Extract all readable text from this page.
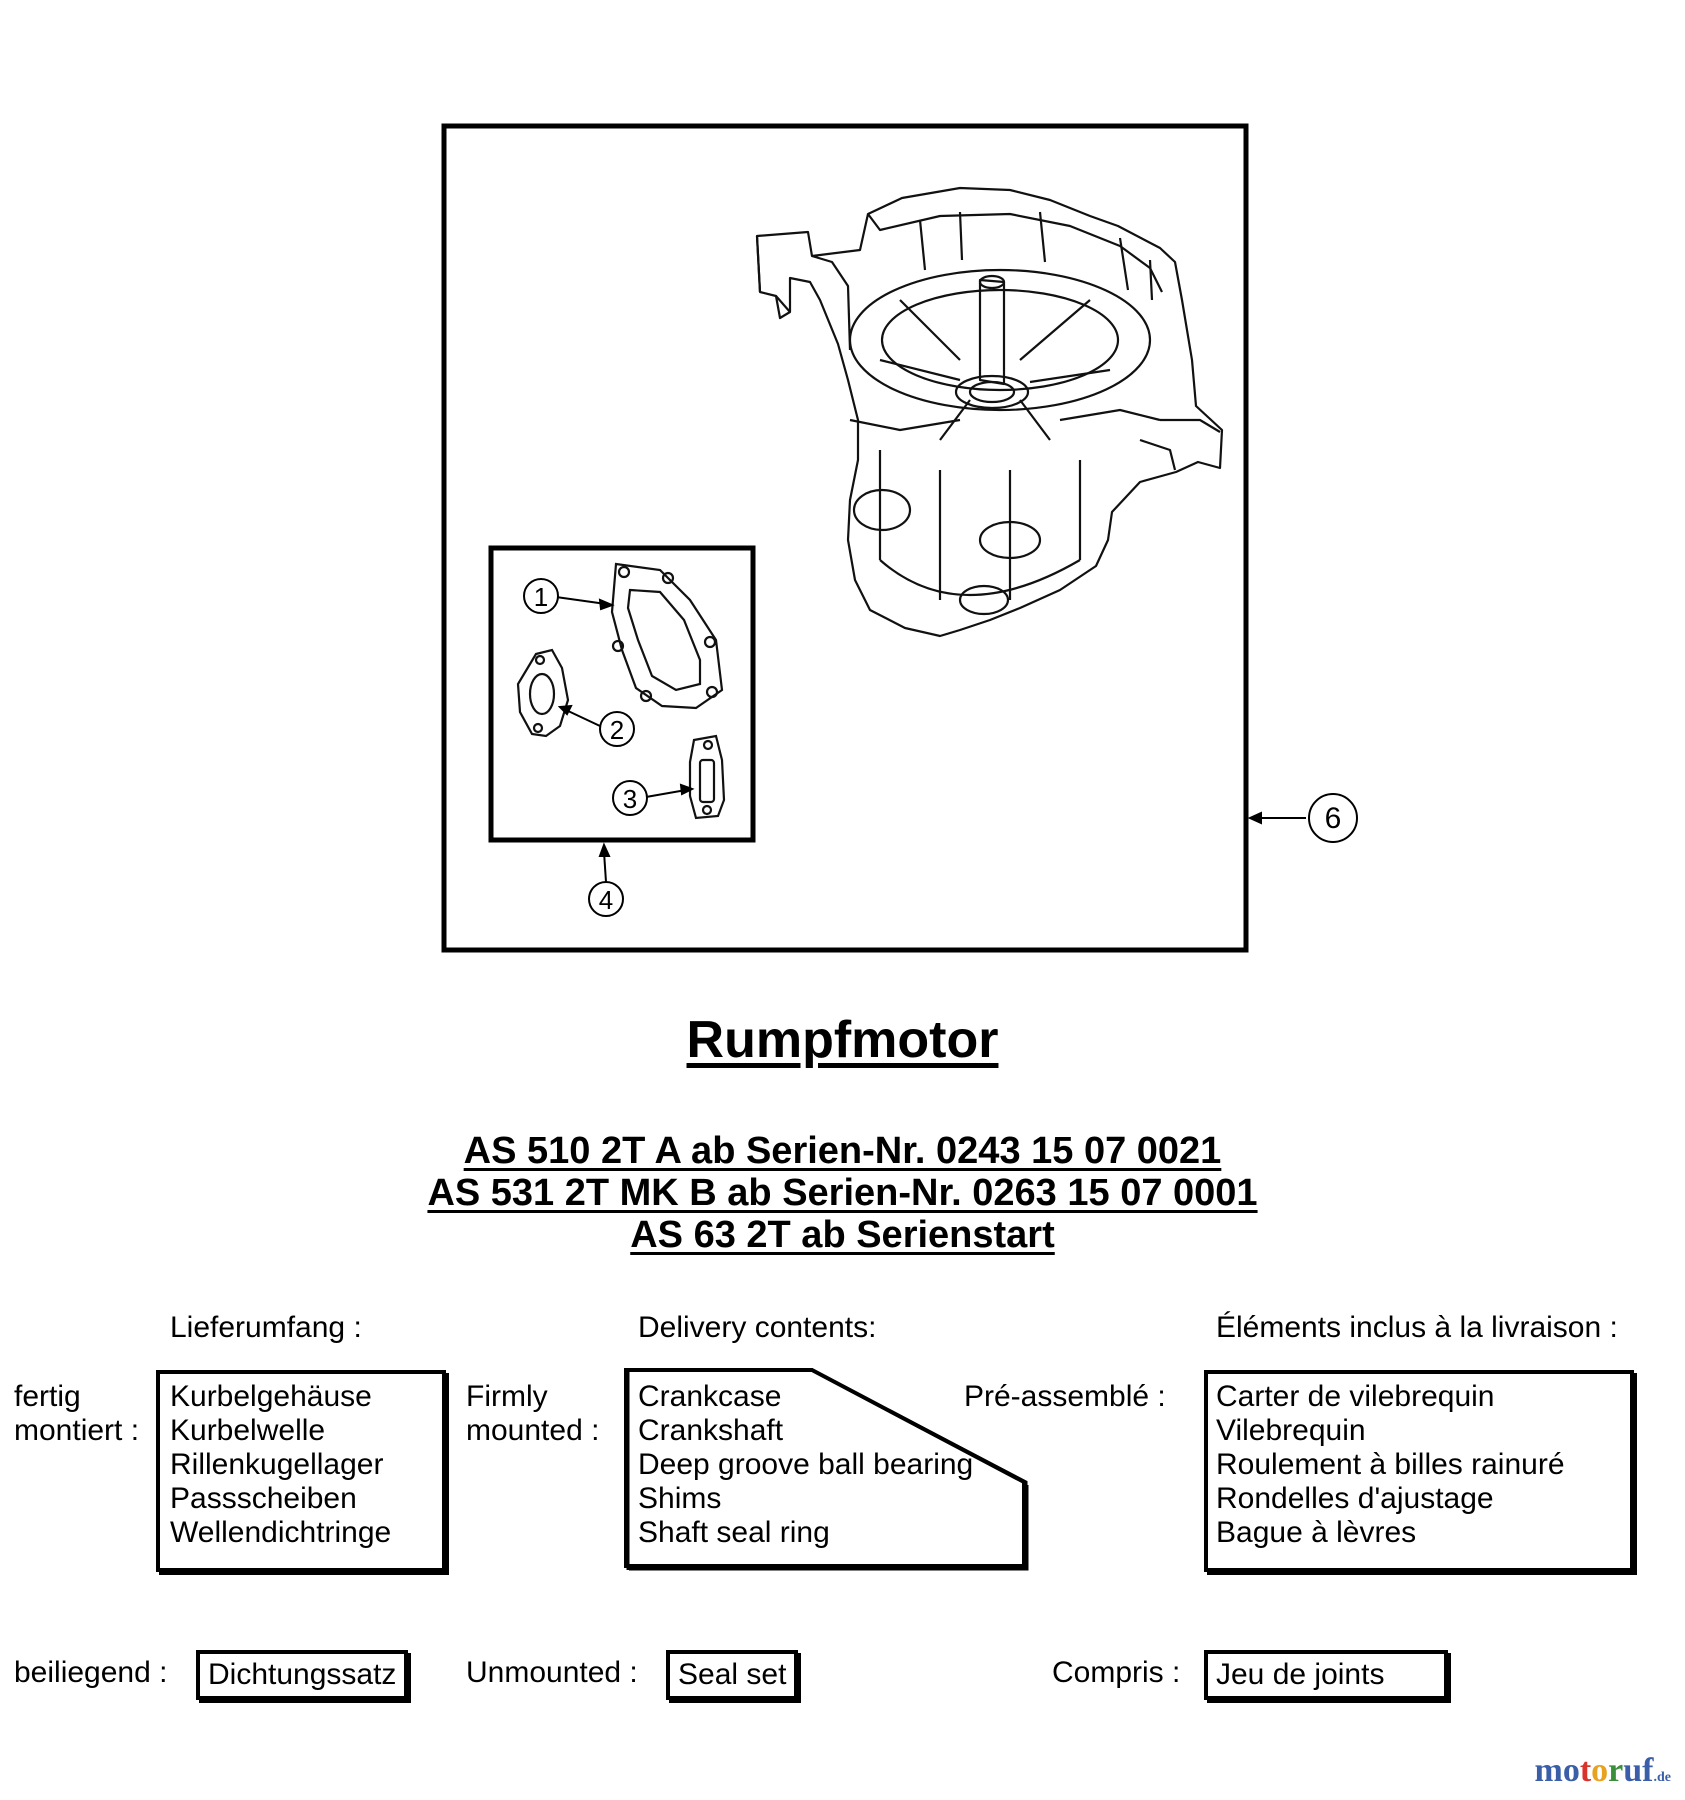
1
2
3
4
6
Rumpfmotor
AS 510 2T A ab Serien-Nr. 0243 15 07 0021
AS 531 2T MK B ab Serien-Nr. 0263 15 07 0001
AS 63 2T ab Serienstart
Lieferumfang :	Delivery contents:	Éléments inclus à la livraison :
fertig
montiert :
Kurbelgehäuse
Kurbelwelle
Rillenkugellager
Passscheiben
Wellendichtringe
Firmly
mounted :
Crankcase
Crankshaft
Deep groove ball bearing
Shims
Shaft seal ring
Pré-assemblé : Carter de vilebrequin
Vilebrequin
Roulement à billes rainuré
Rondelles d'ajustage
Bague à lèvres
beiliegend :	Dichtungssatz	Unmounted :	Seal set	Compris :	Jeu de joints
motoruf.de
